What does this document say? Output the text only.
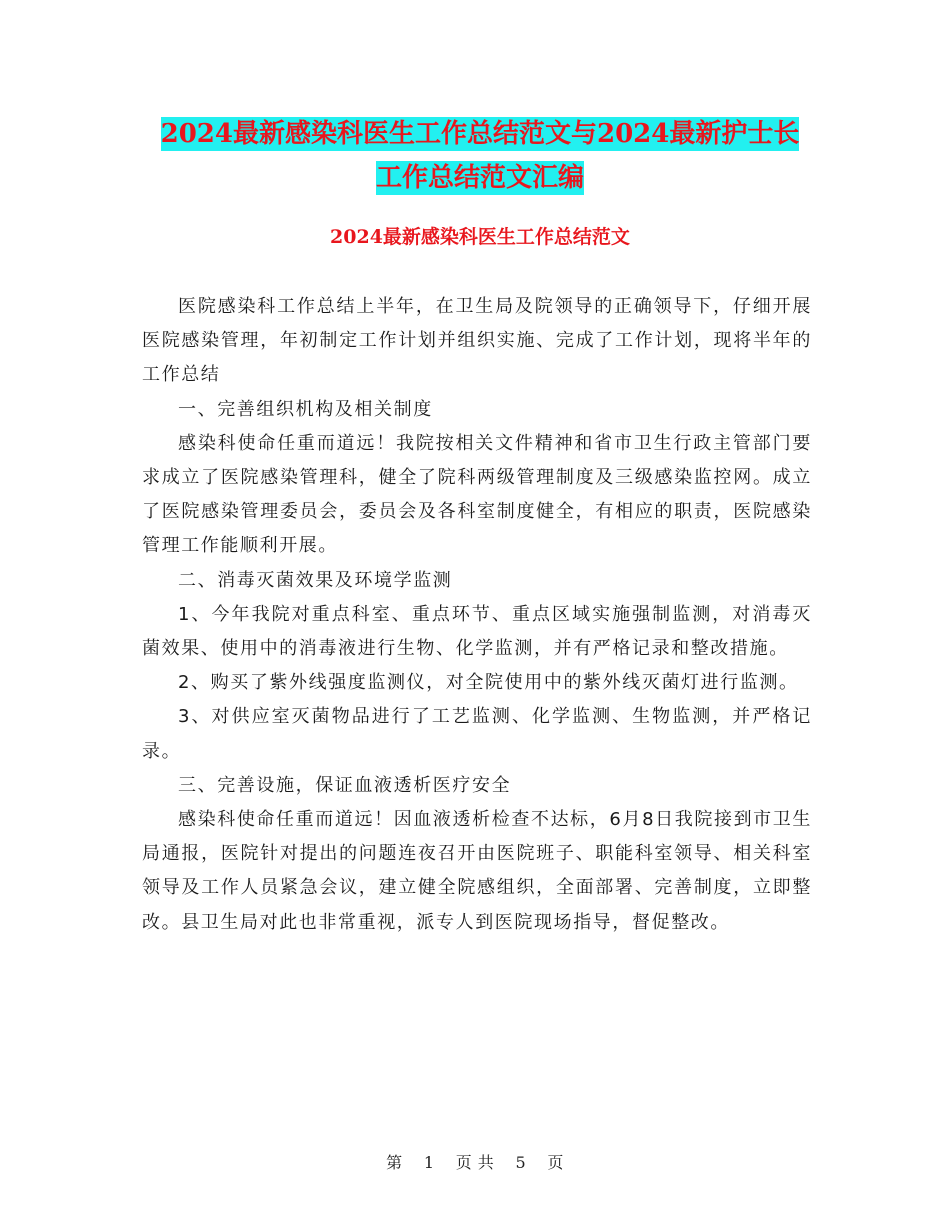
2024最新感染科医生工作总结范文与2024最新护士长
工作总结范文汇编
2024最新感染科医生工作总结范文

医院感染科工作总结上半年，在卫生局及院领导的正确领导下，仔细开展医院感染管理，年初制定工作计划并组织实施、完成了工作计划，现将半年的工作总结

一、完善组织机构及相关制度

感染科使命任重而道远！我院按相关文件精神和省市卫生行政主管部门要求成立了医院感染管理科，健全了院科两级管理制度及三级感染监控网。成立了医院感染管理委员会，委员会及各科室制度健全，有相应的职责，医院感染管理工作能顺利开展。

二、消毒灭菌效果及环境学监测

1、今年我院对重点科室、重点环节、重点区域实施强制监测，对消毒灭菌效果、使用中的消毒液进行生物、化学监测，并有严格记录和整改措施。

2、购买了紫外线强度监测仪，对全院使用中的紫外线灭菌灯进行监测。

3、对供应室灭菌物品进行了工艺监测、化学监测、生物监测，并严格记录。

三、完善设施，保证血液透析医疗安全

感染科使命任重而道远！因血液透析检查不达标，6月8日我院接到市卫生局通报，医院针对提出的问题连夜召开由医院班子、职能科室领导、相关科室领导及工作人员紧急会议，建立健全院感组织，全面部署、完善制度，立即整改。县卫生局对此也非常重视，派专人到医院现场指导，督促整改。

第 1 页 共 5 页
